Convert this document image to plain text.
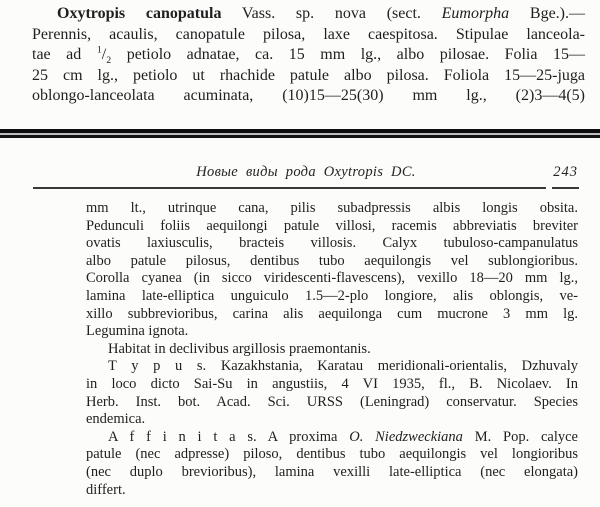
Oxytropis canopatula Vass. sp. nova (sect. Eumorpha Bge.).—
Perennis, acaulis, canopatule pilosa, laxe caespitosa. Stipulae lanceola-
tae ad $^1/_2$ petiolo adnatae, ca. 15 mm lg., albo pilosae. Folia 15—
25 cm lg., petiolo ut rhachide patule albo pilosa. Foliola 15—25-juga
oblongo-lanceolata acuminata, (10)15—25(30) mm lg., (2)3—4(5)
Новые виды рода Oxytropis DC.	243
mm lt., utrinque cana, pilis subadpressis albis longis obsita.
Pedunculi foliis aequilongi patule villosi, racemis abbreviatis breviter
ovatis laxiusculis, bracteis villosis. Calyx tubuloso-campanulatus
albo patule pilosus, dentibus tubo aequilongis vel sublongioribus.
Corolla cyanea (in sicco viridescenti-flavescens), vexillo 18—20 mm lg.,
lamina late-elliptica unguiculo 1.5—2-plo longiore, alis oblongis, ve-
xillo subbrevioribus, carina alis aequilonga cum mucrone 3 mm lg.
Legumina ignota.
Habitat in declivibus argillosis praemontanis.
T y p u s. Kazakhstania, Karatau meridionali-orientalis, Dzhuvaly
in loco dicto Sai-Su in angustiis, 4 VI 1935, fl., B. Nicolaev. In
Herb. Inst. bot. Acad. Sci. URSS (Leningrad) conservatur. Species
endemica.
A f f i n i t a s. A proxima O. Niedzweckiana M. Pop. calyce
patule (nec adpresse) piloso, dentibus tubo aequilongis vel longioribus
(nec duplo brevioribus), lamina vexilli late-elliptica (nec elongata)
differt.
